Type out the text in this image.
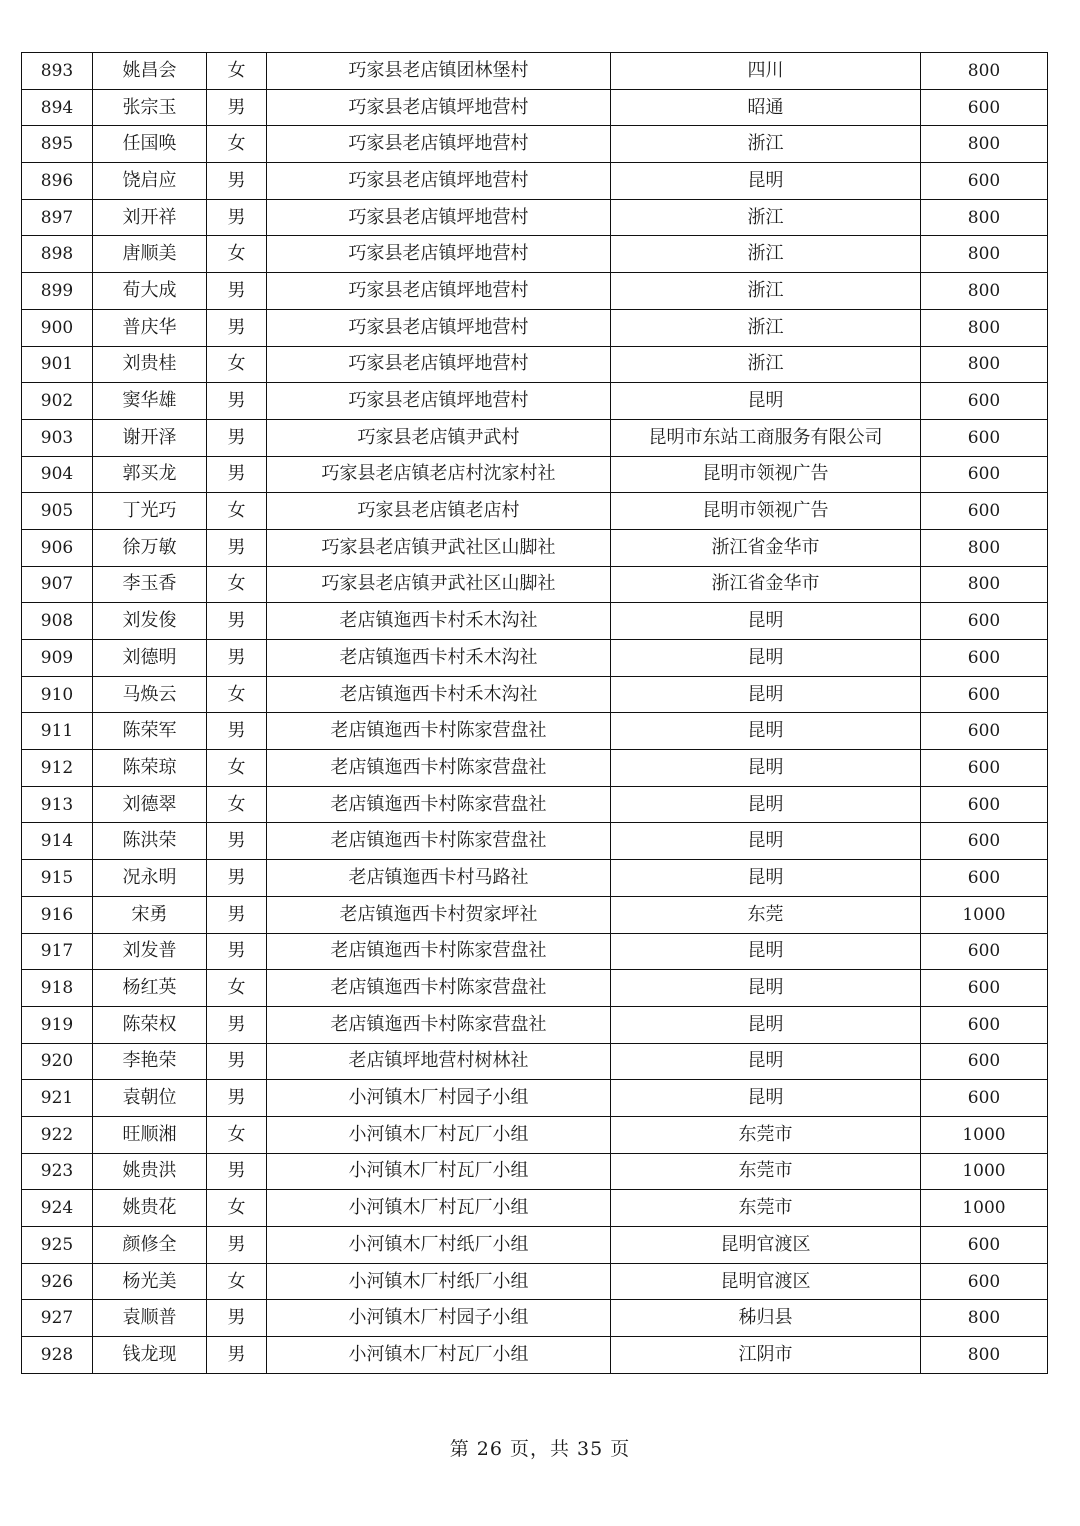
893	姚昌会	女	巧家县老店镇团林堡村	四川	800
894	张宗玉	男	巧家县老店镇坪地营村	昭通	600
895	任国唤	女	巧家县老店镇坪地营村	浙江	800
896	饶启应	男	巧家县老店镇坪地营村	昆明	600
897	刘开祥	男	巧家县老店镇坪地营村	浙江	800
898	唐顺美	女	巧家县老店镇坪地营村	浙江	800
899	荀大成	男	巧家县老店镇坪地营村	浙江	800
900	普庆华	男	巧家县老店镇坪地营村	浙江	800
901	刘贵桂	女	巧家县老店镇坪地营村	浙江	800
902	窦华雄	男	巧家县老店镇坪地营村	昆明	600
903	谢开泽	男	巧家县老店镇尹武村	昆明市东站工商服务有限公司	600
904	郭买龙	男	巧家县老店镇老店村沈家村社	昆明市领视广告	600
905	丁光巧	女	巧家县老店镇老店村	昆明市领视广告	600
906	徐万敏	男	巧家县老店镇尹武社区山脚社	浙江省金华市	800
907	李玉香	女	巧家县老店镇尹武社区山脚社	浙江省金华市	800
908	刘发俊	男	老店镇迤西卡村禾木沟社	昆明	600
909	刘德明	男	老店镇迤西卡村禾木沟社	昆明	600
910	马焕云	女	老店镇迤西卡村禾木沟社	昆明	600
911	陈荣军	男	老店镇迤西卡村陈家营盘社	昆明	600
912	陈荣琼	女	老店镇迤西卡村陈家营盘社	昆明	600
913	刘德翠	女	老店镇迤西卡村陈家营盘社	昆明	600
914	陈洪荣	男	老店镇迤西卡村陈家营盘社	昆明	600
915	况永明	男	老店镇迤西卡村马路社	昆明	600
916	宋勇	男	老店镇迤西卡村贺家坪社	东莞	1000
917	刘发普	男	老店镇迤西卡村陈家营盘社	昆明	600
918	杨红英	女	老店镇迤西卡村陈家营盘社	昆明	600
919	陈荣权	男	老店镇迤西卡村陈家营盘社	昆明	600
920	李艳荣	男	老店镇坪地营村树林社	昆明	600
921	袁朝位	男	小河镇木厂村园子小组	昆明	600
922	旺顺湘	女	小河镇木厂村瓦厂小组	东莞市	1000
923	姚贵洪	男	小河镇木厂村瓦厂小组	东莞市	1000
924	姚贵花	女	小河镇木厂村瓦厂小组	东莞市	1000
925	颜修全	男	小河镇木厂村纸厂小组	昆明官渡区	600
926	杨光美	女	小河镇木厂村纸厂小组	昆明官渡区	600
927	袁顺普	男	小河镇木厂村园子小组	秭归县	800
928	钱龙现	男	小河镇木厂村瓦厂小组	江阴市	800
第 26 页，共 35 页
